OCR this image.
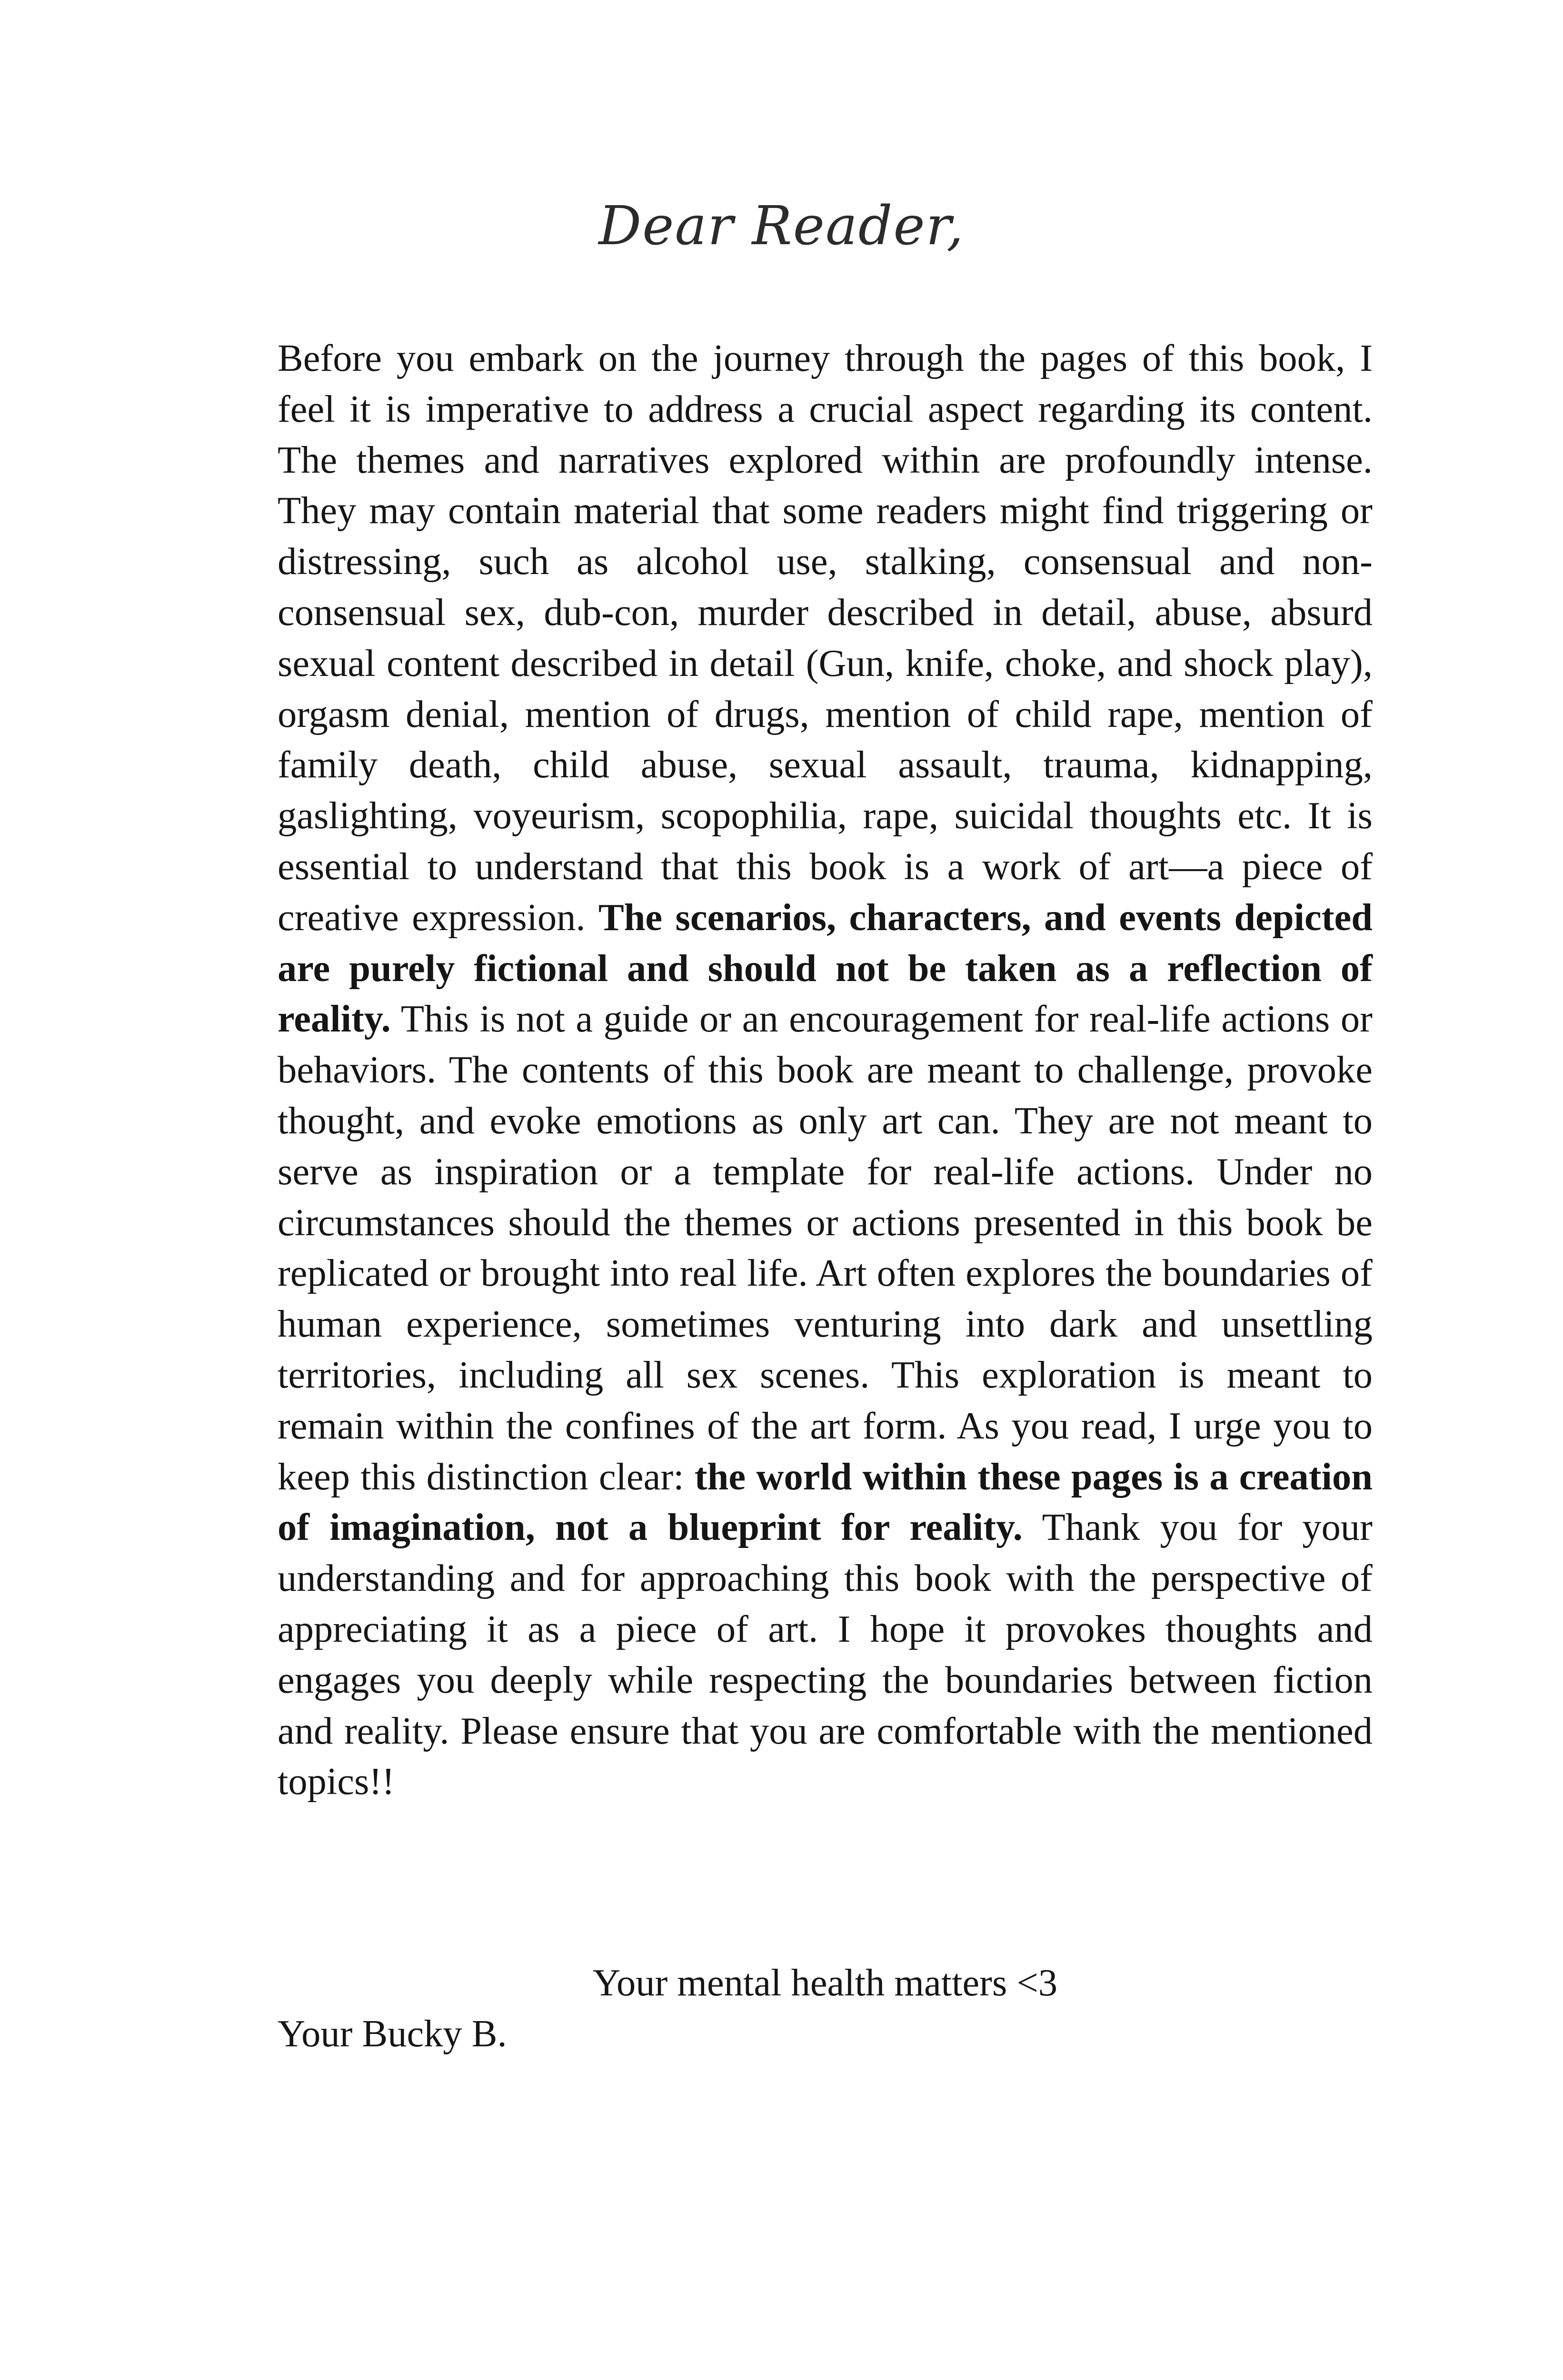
Dear Reader,

Before you embark on the journey through the pages of this book, I feel it is imperative to address a crucial aspect regarding its content. The themes and narratives explored within are profoundly intense. They may contain material that some readers might find triggering or distressing, such as alcohol use, stalking, consensual and non-consensual sex, dub-con, murder described in detail, abuse, absurd sexual content described in detail (Gun, knife, choke, and shock play), orgasm denial, mention of drugs, mention of child rape, mention of family death, child abuse, sexual assault, trauma, kidnapping, gaslighting, voyeurism, scopophilia, rape, suicidal thoughts etc. It is essential to understand that this book is a work of art—a piece of creative expression. The scenarios, characters, and events depicted are purely fictional and should not be taken as a reflection of reality. This is not a guide or an encouragement for real-life actions or behaviors. The contents of this book are meant to challenge, provoke thought, and evoke emotions as only art can. They are not meant to serve as inspiration or a template for real-life actions. Under no circumstances should the themes or actions presented in this book be replicated or brought into real life. Art often explores the boundaries of human experience, sometimes venturing into dark and unsettling territories, including all sex scenes. This exploration is meant to remain within the confines of the art form. As you read, I urge you to keep this distinction clear: the world within these pages is a creation of imagination, not a blueprint for reality. Thank you for your understanding and for approaching this book with the perspective of appreciating it as a piece of art. I hope it provokes thoughts and engages you deeply while respecting the boundaries between fiction and reality. Please ensure that you are comfortable with the mentioned topics!!

Your mental health matters <3
Your Bucky B.
